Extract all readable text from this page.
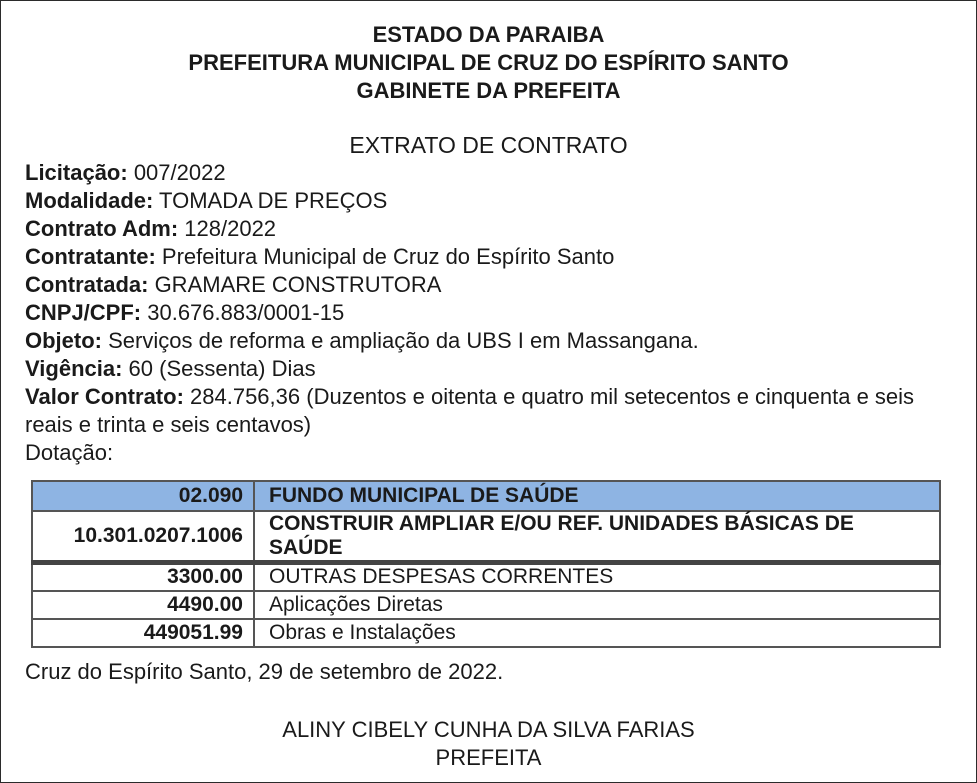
ESTADO DA PARAIBA
PREFEITURA MUNICIPAL DE CRUZ DO ESPÍRITO SANTO
GABINETE DA PREFEITA
EXTRATO DE CONTRATO
Licitação: 007/2022
Modalidade: TOMADA DE PREÇOS
Contrato Adm: 128/2022
Contratante: Prefeitura Municipal de Cruz do Espírito Santo
Contratada: GRAMARE CONSTRUTORA
CNPJ/CPF: 30.676.883/0001-15
Objeto: Serviços de reforma e ampliação da UBS I em Massangana.
Vigência: 60 (Sessenta) Dias
Valor Contrato: 284.756,36 (Duzentos e oitenta e quatro mil setecentos e cinquenta e seis reais e trinta e seis centavos)
Dotação:
02.090	FUNDO MUNICIPAL DE SAÚDE
10.301.0207.1006	CONSTRUIR AMPLIAR E/OU REF. UNIDADES BÁSICAS DE SAÚDE
3300.00	OUTRAS DESPESAS CORRENTES
4490.00	Aplicações Diretas
449051.99	Obras e Instalações
Cruz do Espírito Santo, 29 de setembro de 2022.
ALINY CIBELY CUNHA DA SILVA FARIAS
PREFEITA
